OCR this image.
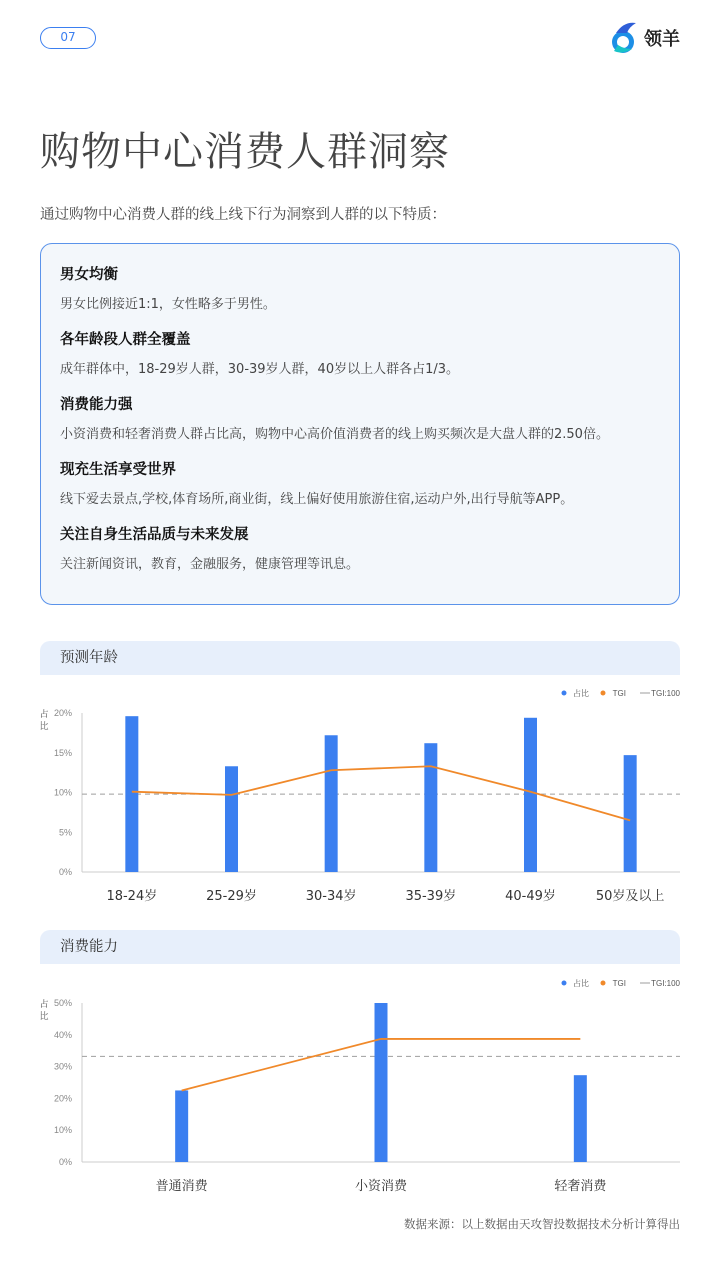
07	领羊
购物中心消费人群洞察
通过购物中心消费人群的线上线下行为洞察到人群的以下特质：
男女均衡
男女比例接近1:1，女性略多于男性。
各年龄段人群全覆盖
成年群体中，18-29岁人群，30-39岁人群，40岁以上人群各占1/3。
消费能力强
小资消费和轻奢消费人群占比高，购物中心高价值消费者的线上购买频次是大盘人群的2.50倍。
现充生活享受世界
线下爱去景点,学校,体育场所,商业街，线上偏好使用旅游住宿,运动户外,出行导航等APP。
关注自身生活品质与未来发展
关注新闻资讯，教育，金融服务，健康管理等讯息。
预测年龄
TGI:100
TGI
占比
占
比
0%
5%
10%
15%
20%
18-24岁	25-29岁	30-34岁	35-39岁	40-49岁	50岁及以上
消费能力
TGI:100
TGI
占比
占
比
0%
10%
20%
30%
40%
50%
普通消费	小资消费	轻奢消费
数据来源：以上数据由天攻智投数据技术分析计算得出
